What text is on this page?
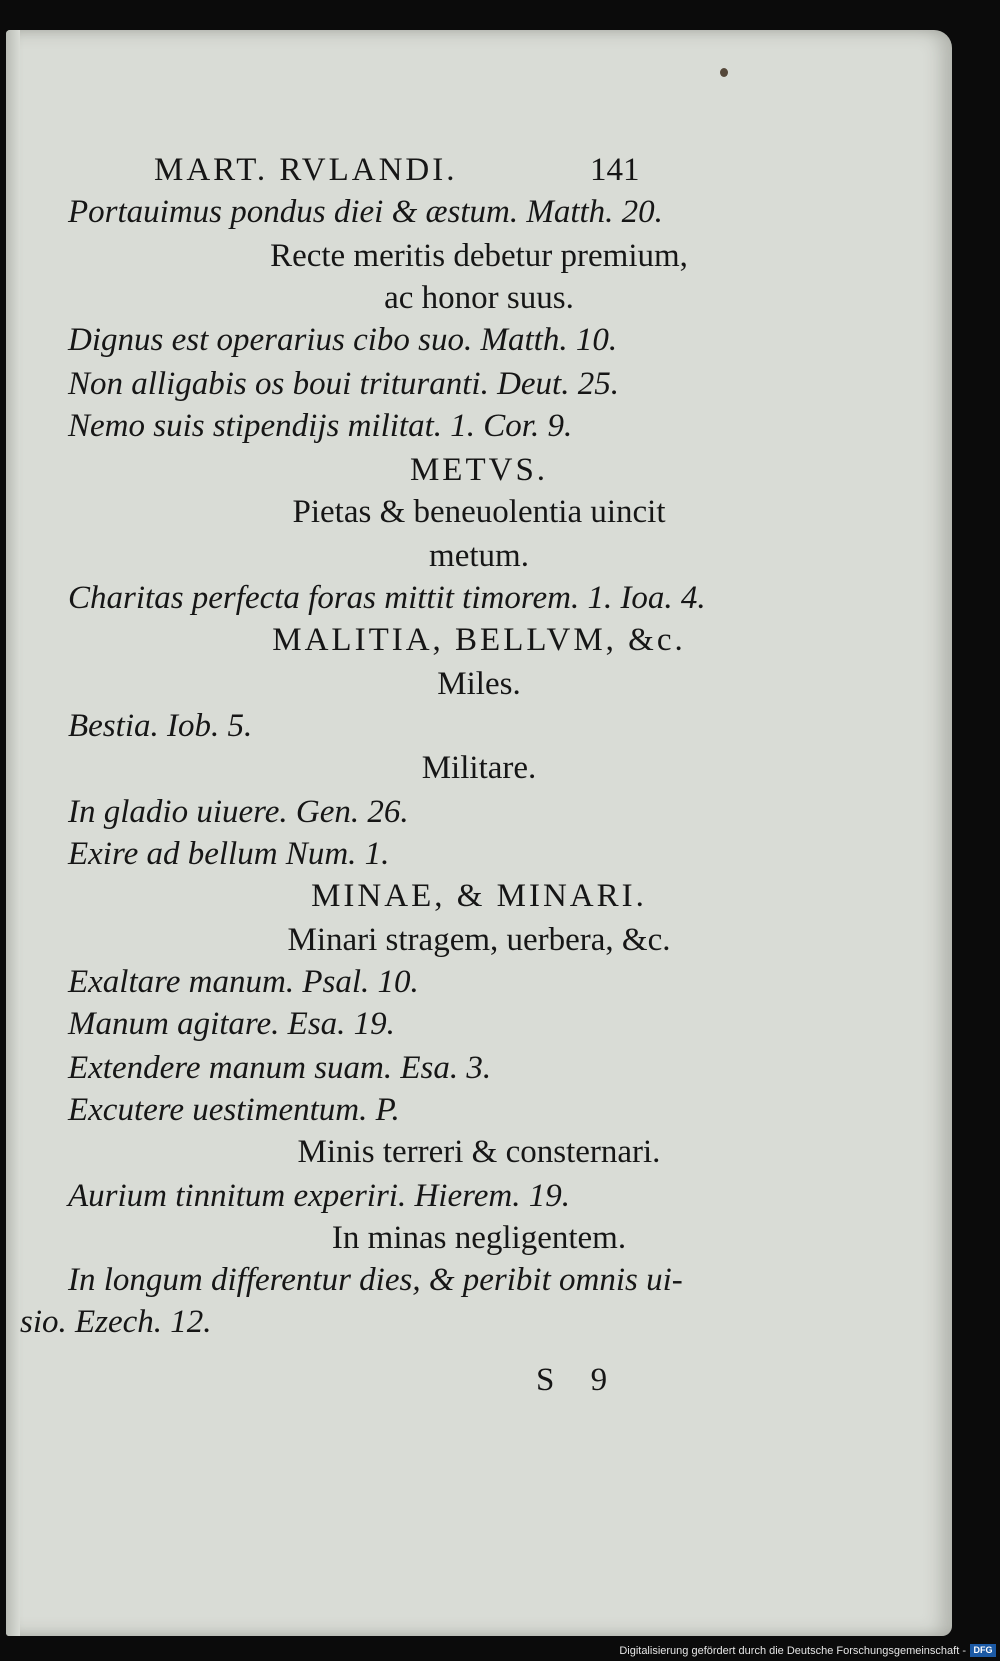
MART. RVLANDI.	141
Portauimus pondus diei & æstum. Matth. 20.
Recte meritis debetur premium,
ac honor suus.
Dignus est operarius cibo suo. Matth. 10.
Non alligabis os boui trituranti. Deut. 25.
Nemo suis stipendijs militat. 1. Cor. 9.
METVS.
Pietas & beneuolentia uincit
metum.
Charitas perfecta foras mittit timorem. 1. Ioa. 4.
MALITIA, BELLVM, &c.
Miles.
Bestia. Iob. 5.
Militare.
In gladio uiuere. Gen. 26.
Exire ad bellum Num. 1.
MINAE, & MINARI.
Minari stragem, uerbera, &c.
Exaltare manum. Psal. 10.
Manum agitare. Esa. 19.
Extendere manum suam. Esa. 3.
Excutere uestimentum. P.
Minis terreri & consternari.
Aurium tinnitum experiri. Hierem. 19.
In minas negligentem.
In longum differentur dies, & peribit omnis ui-
sio. Ezech. 12.
S 9
Digitalisierung gefördert durch die Deutsche Forschungsgemeinschaft - DFG
